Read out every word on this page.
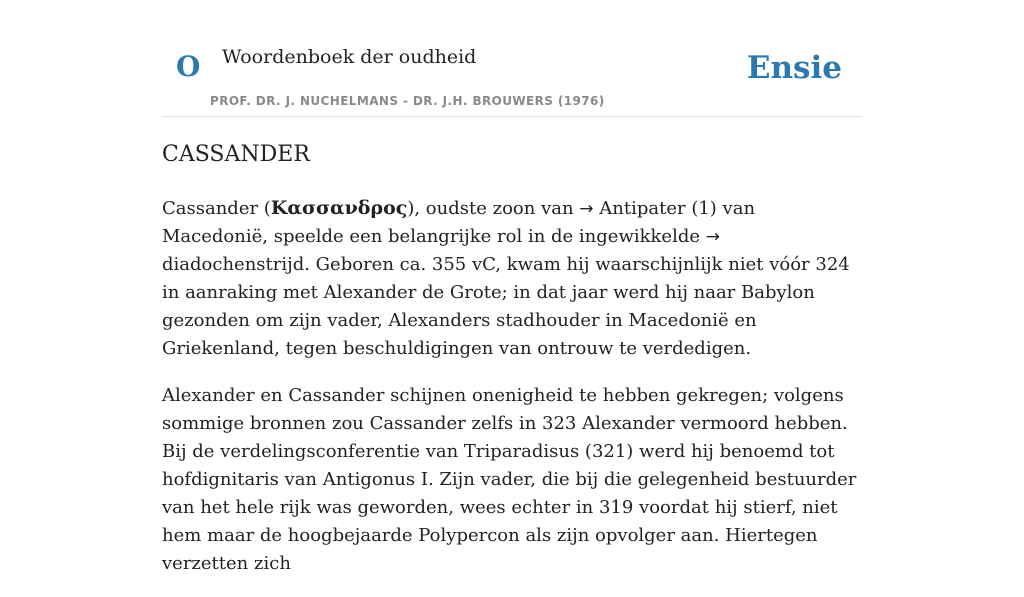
O Woordenboek der oudheid
PROF. DR. J. NUCHELMANS - DR. J.H. BROUWERS (1976)
Ensie
CASSANDER

Cassander (Κασσανδρος), oudste zoon van → Antipater (1) van Macedonië, speelde een belangrijke rol in de ingewikkelde → diadochenstrijd. Geboren ca. 355 vC, kwam hij waarschijnlijk niet vóór 324 in aanraking met Alexander de Grote; in dat jaar werd hij naar Babylon gezonden om zijn vader, Alexanders stadhouder in Macedonië en Griekenland, tegen beschuldigingen van ontrouw te verdedigen.

Alexander en Cassander schijnen onenigheid te hebben gekregen; volgens sommige bronnen zou Cassander zelfs in 323 Alexander vermoord hebben. Bij de verdelingsconferentie van Triparadisus (321) werd hij benoemd tot hofdignitaris van Antigonus I. Zijn vader, die bij die gelegenheid bestuurder van het hele rijk was geworden, wees echter in 319 voordat hij stierf, niet hem maar de hoogbejaarde Polypercon als zijn opvolger aan. Hiertegen verzetten zich
